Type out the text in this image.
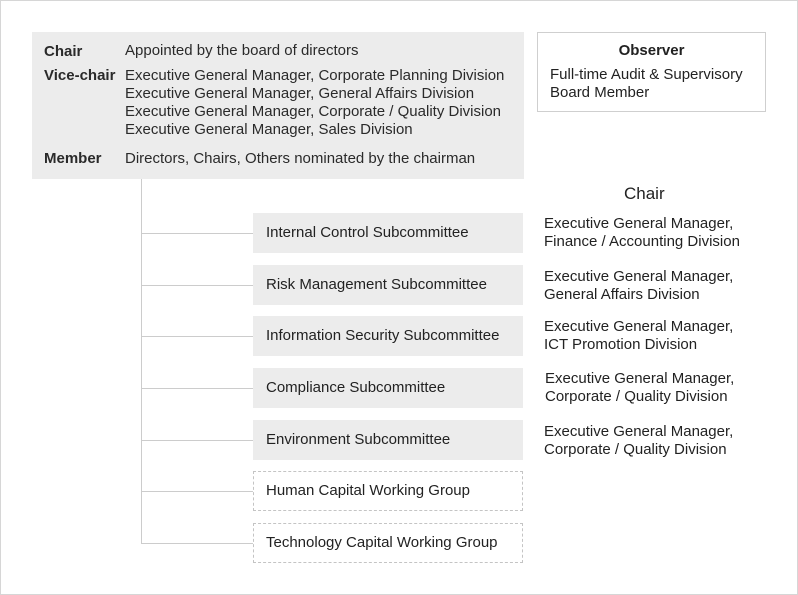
Chair	Appointed by the board of directors
Vice-chair Executive General Manager, Corporate Planning Division
Executive General Manager, General Affairs Division
Executive General Manager, Corporate / Quality Division
Executive General Manager, Sales Division
Member Directors, Chairs, Others nominated by the chairman
Observer
Full-time Audit & Supervisory Board Member
Chair
Internal Control Subcommittee
Risk Management Subcommittee
Information Security Subcommittee
Compliance Subcommittee
Environment Subcommittee
Human Capital Working Group
Technology Capital Working Group
Executive General Manager,
Finance / Accounting Division
Executive General Manager,
General Affairs Division
Executive General Manager,
ICT Promotion Division
Executive General Manager,
Corporate / Quality Division
Executive General Manager,
Corporate / Quality Division
